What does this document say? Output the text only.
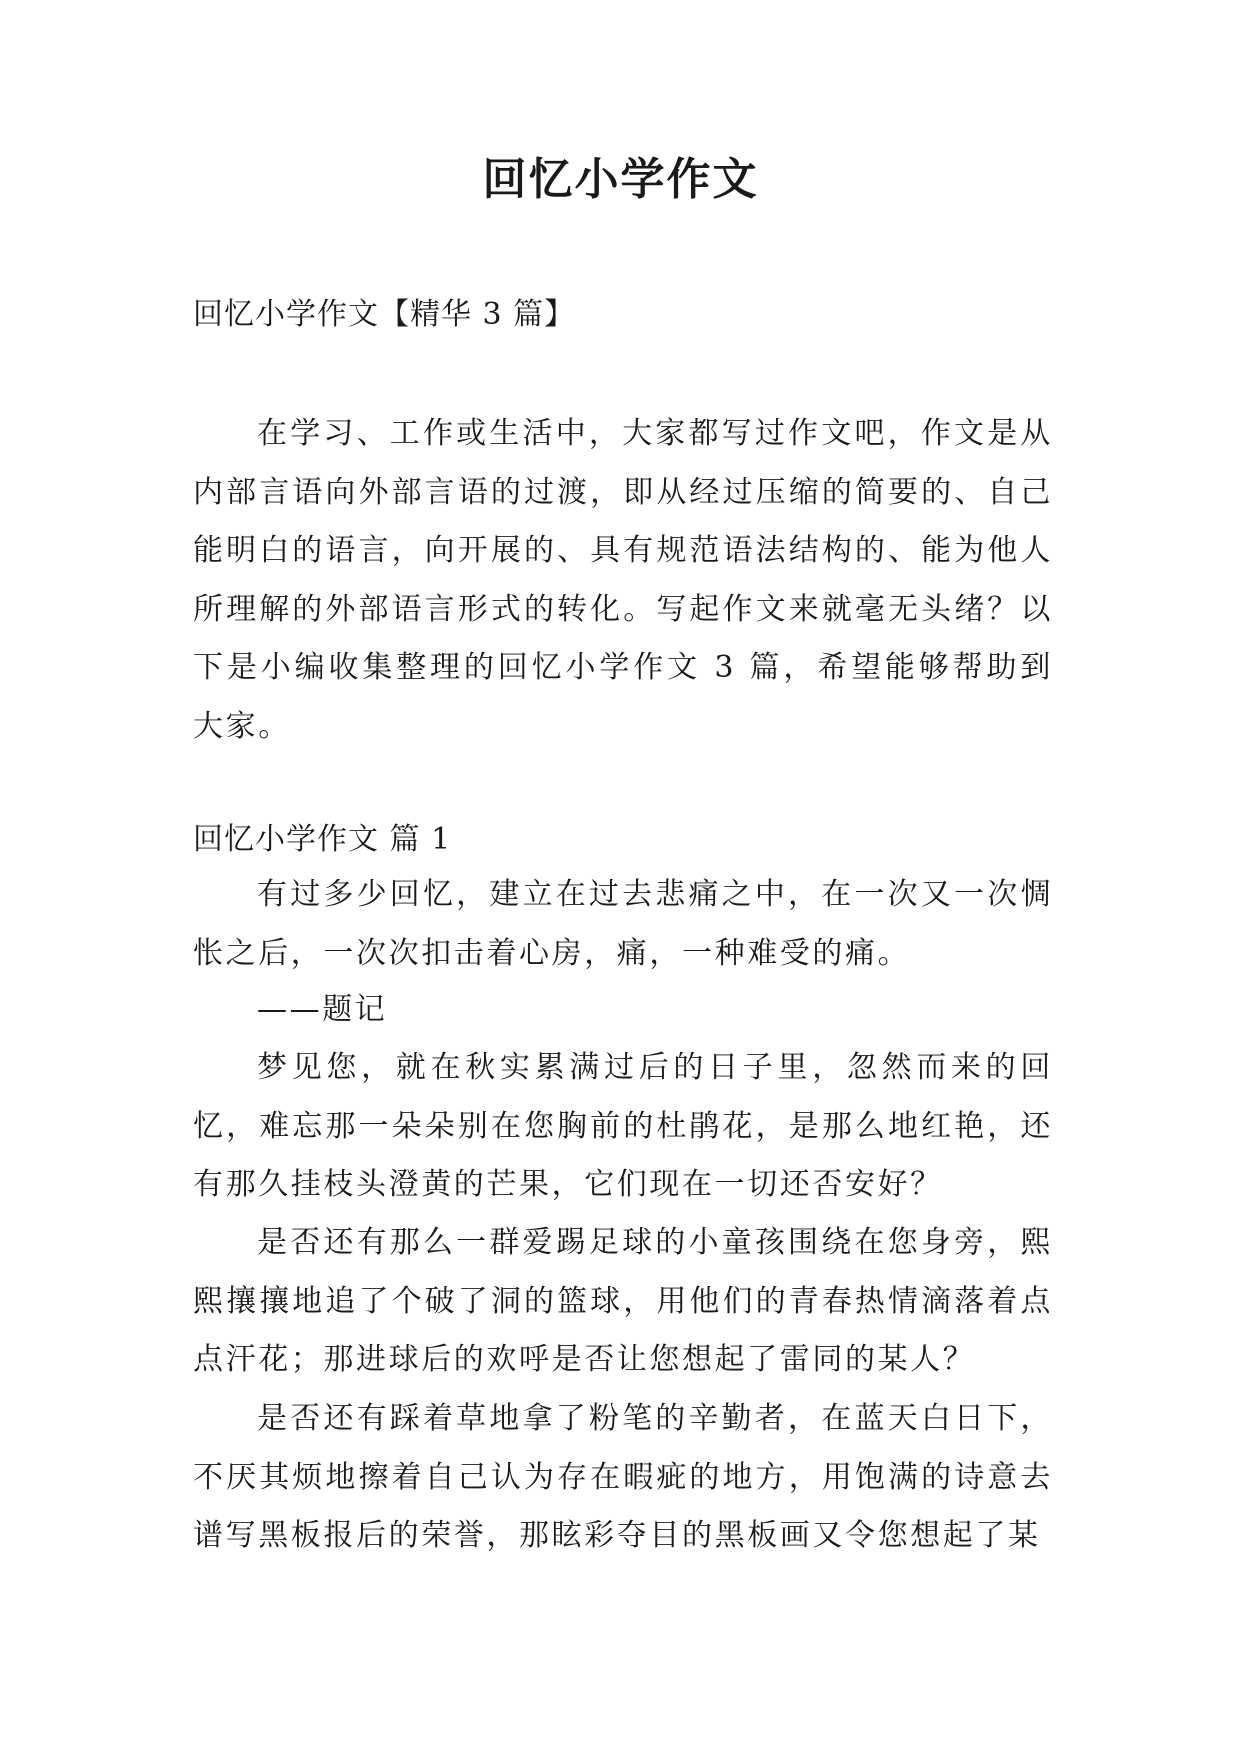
回忆小学作文

回忆小学作文【精华 3 篇】

在学习、工作或生活中，大家都写过作文吧，作文是从内部言语向外部言语的过渡，即从经过压缩的简要的、自己能明白的语言，向开展的、具有规范语法结构的、能为他人所理解的外部语言形式的转化。写起作文来就毫无头绪？以下是小编收集整理的回忆小学作文 3 篇，希望能够帮助到大家。

回忆小学作文 篇 1

有过多少回忆，建立在过去悲痛之中，在一次又一次惆怅之后，一次次扣击着心房，痛，一种难受的痛。

——题记

梦见您，就在秋实累满过后的日子里，忽然而来的回忆，难忘那一朵朵别在您胸前的杜鹃花，是那么地红艳，还有那久挂枝头澄黄的芒果，它们现在一切还否安好？

是否还有那么一群爱踢足球的小童孩围绕在您身旁，熙熙攘攘地追了个破了洞的篮球，用他们的青春热情滴落着点点汗花；那进球后的欢呼是否让您想起了雷同的某人？

是否还有踩着草地拿了粉笔的辛勤者，在蓝天白日下，不厌其烦地擦着自己认为存在暇疵的地方，用饱满的诗意去谱写黑板报后的荣誉，那眩彩夺目的黑板画又令您想起了某
